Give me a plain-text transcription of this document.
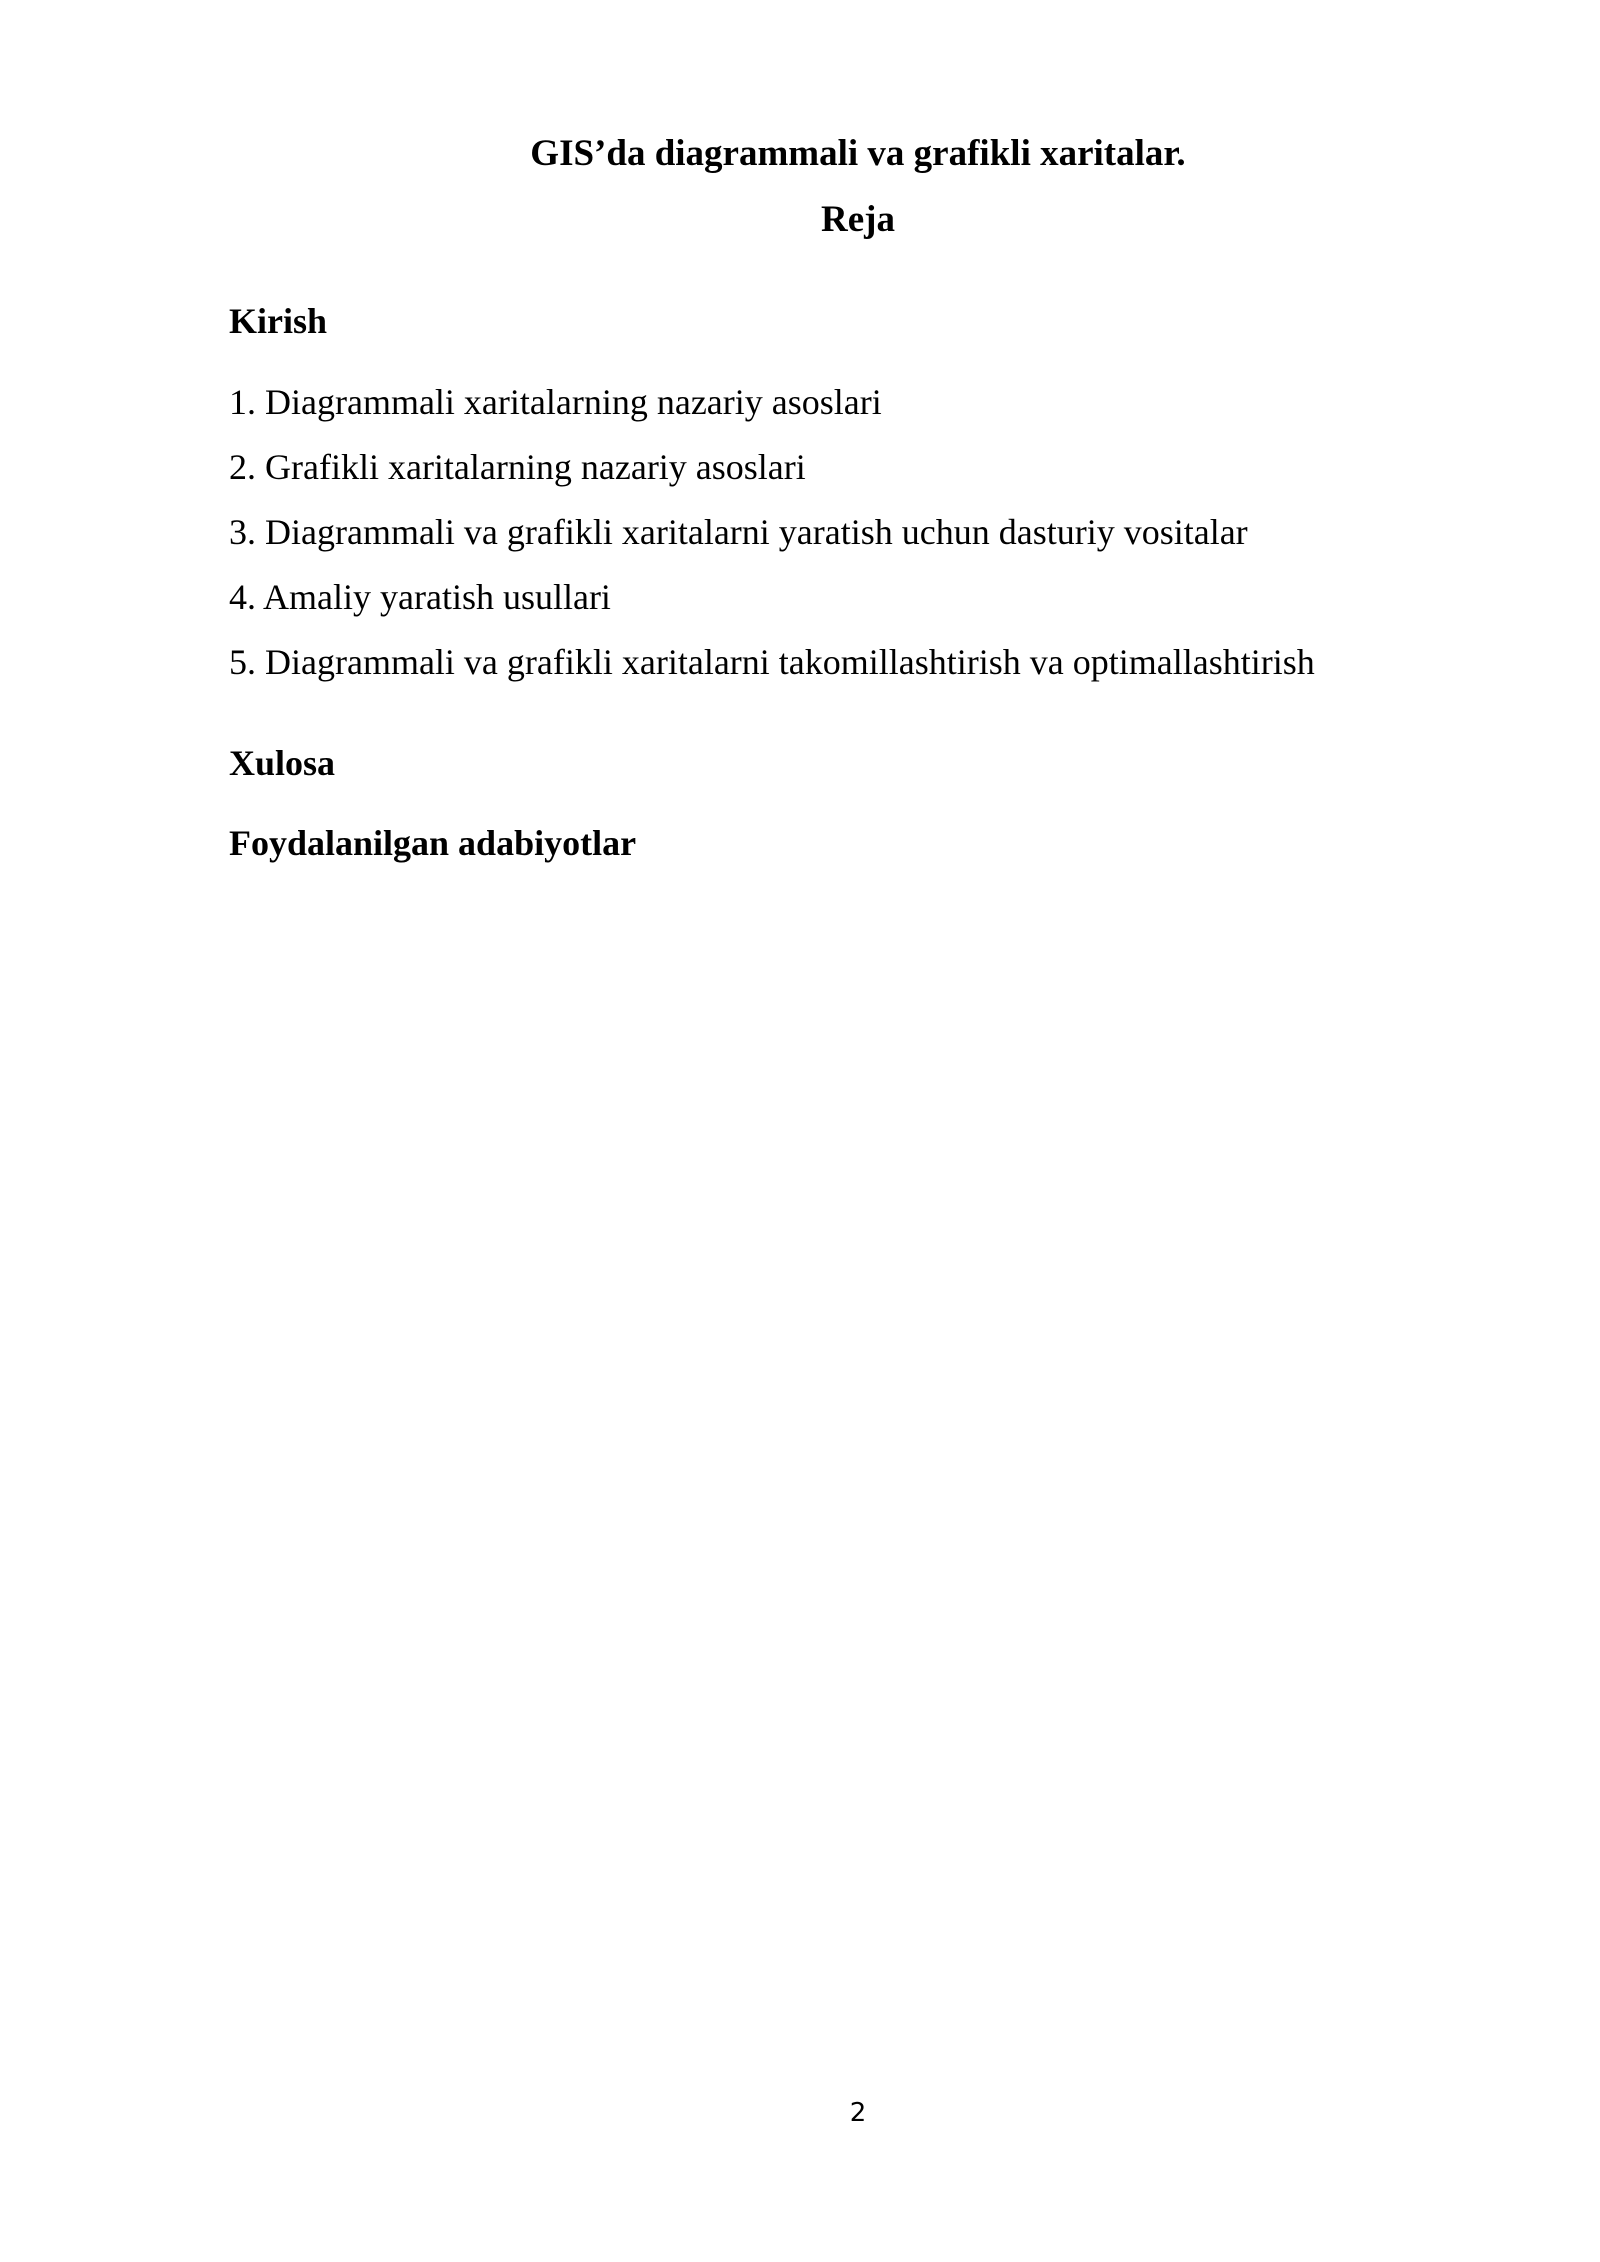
GIS’da diagrammali va grafikli xaritalar.
Reja
Kirish
1. Diagrammali xaritalarning nazariy asoslari
2. Grafikli xaritalarning nazariy asoslari
3. Diagrammali va grafikli xaritalarni yaratish uchun dasturiy vositalar
4. Amaliy yaratish usullari
5. Diagrammali va grafikli xaritalarni takomillashtirish va optimallashtirish
Xulosa
Foydalanilgan adabiyotlar
2
